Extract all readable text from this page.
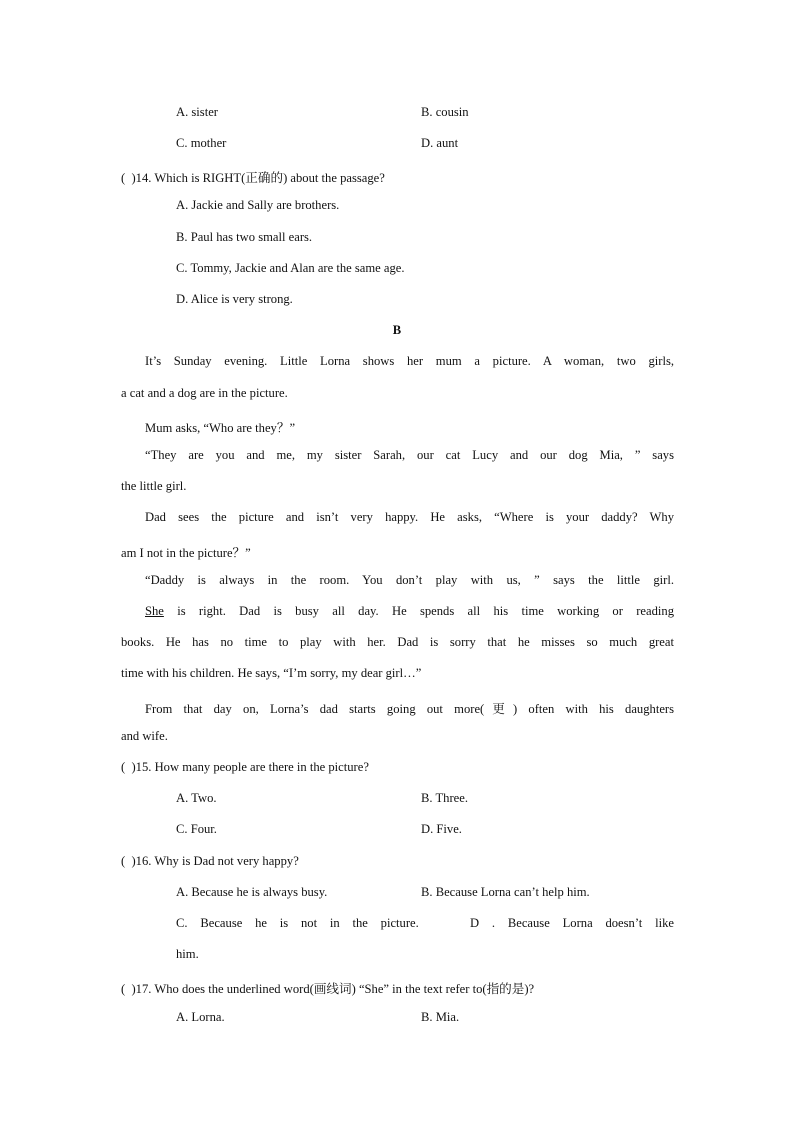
A. sister	B. cousin
C. mother	D. aunt
(  )14. Which is RIGHT(正确的) about the passage?
A. Jackie and Sally are brothers.
B. Paul has two small ears.
C. Tommy, Jackie and Alan are the same age.
D. Alice is very strong.
B
It’s Sunday evening. Little Lorna shows her mum a picture. A woman, two girls,
a cat and a dog are in the picture.
Mum asks, “Who are they？”
“They are you and me, my sister Sarah, our cat Lucy and our dog Mia, ” says
the little girl.
Dad sees the picture and isn’t very happy. He asks, “Where is your daddy? Why
am I not in the picture？”
“Daddy is always in the room. You don’t play with us, ” says the little girl.
She is right. Dad is busy all day. He spends all his time working or reading
books. He has no time to play with her. Dad is sorry that he misses so much great
time with his children. He says, “I’m sorry, my dear girl…”
From that day on, Lorna’s dad starts going out more(更) often with his daughters
and wife.
(  )15. How many people are there in the picture?
A. Two.	B. Three.
C. Four.	D. Five.
(  )16. Why is Dad not very happy?
A. Because he is always busy.	B. Because Lorna can’t help him.
C. Because he is not in the picture.    D . Because Lorna doesn’t like
him.
(  )17. Who does the underlined word(画线词) “She” in the text refer to(指的是)?
A. Lorna.	B. Mia.
